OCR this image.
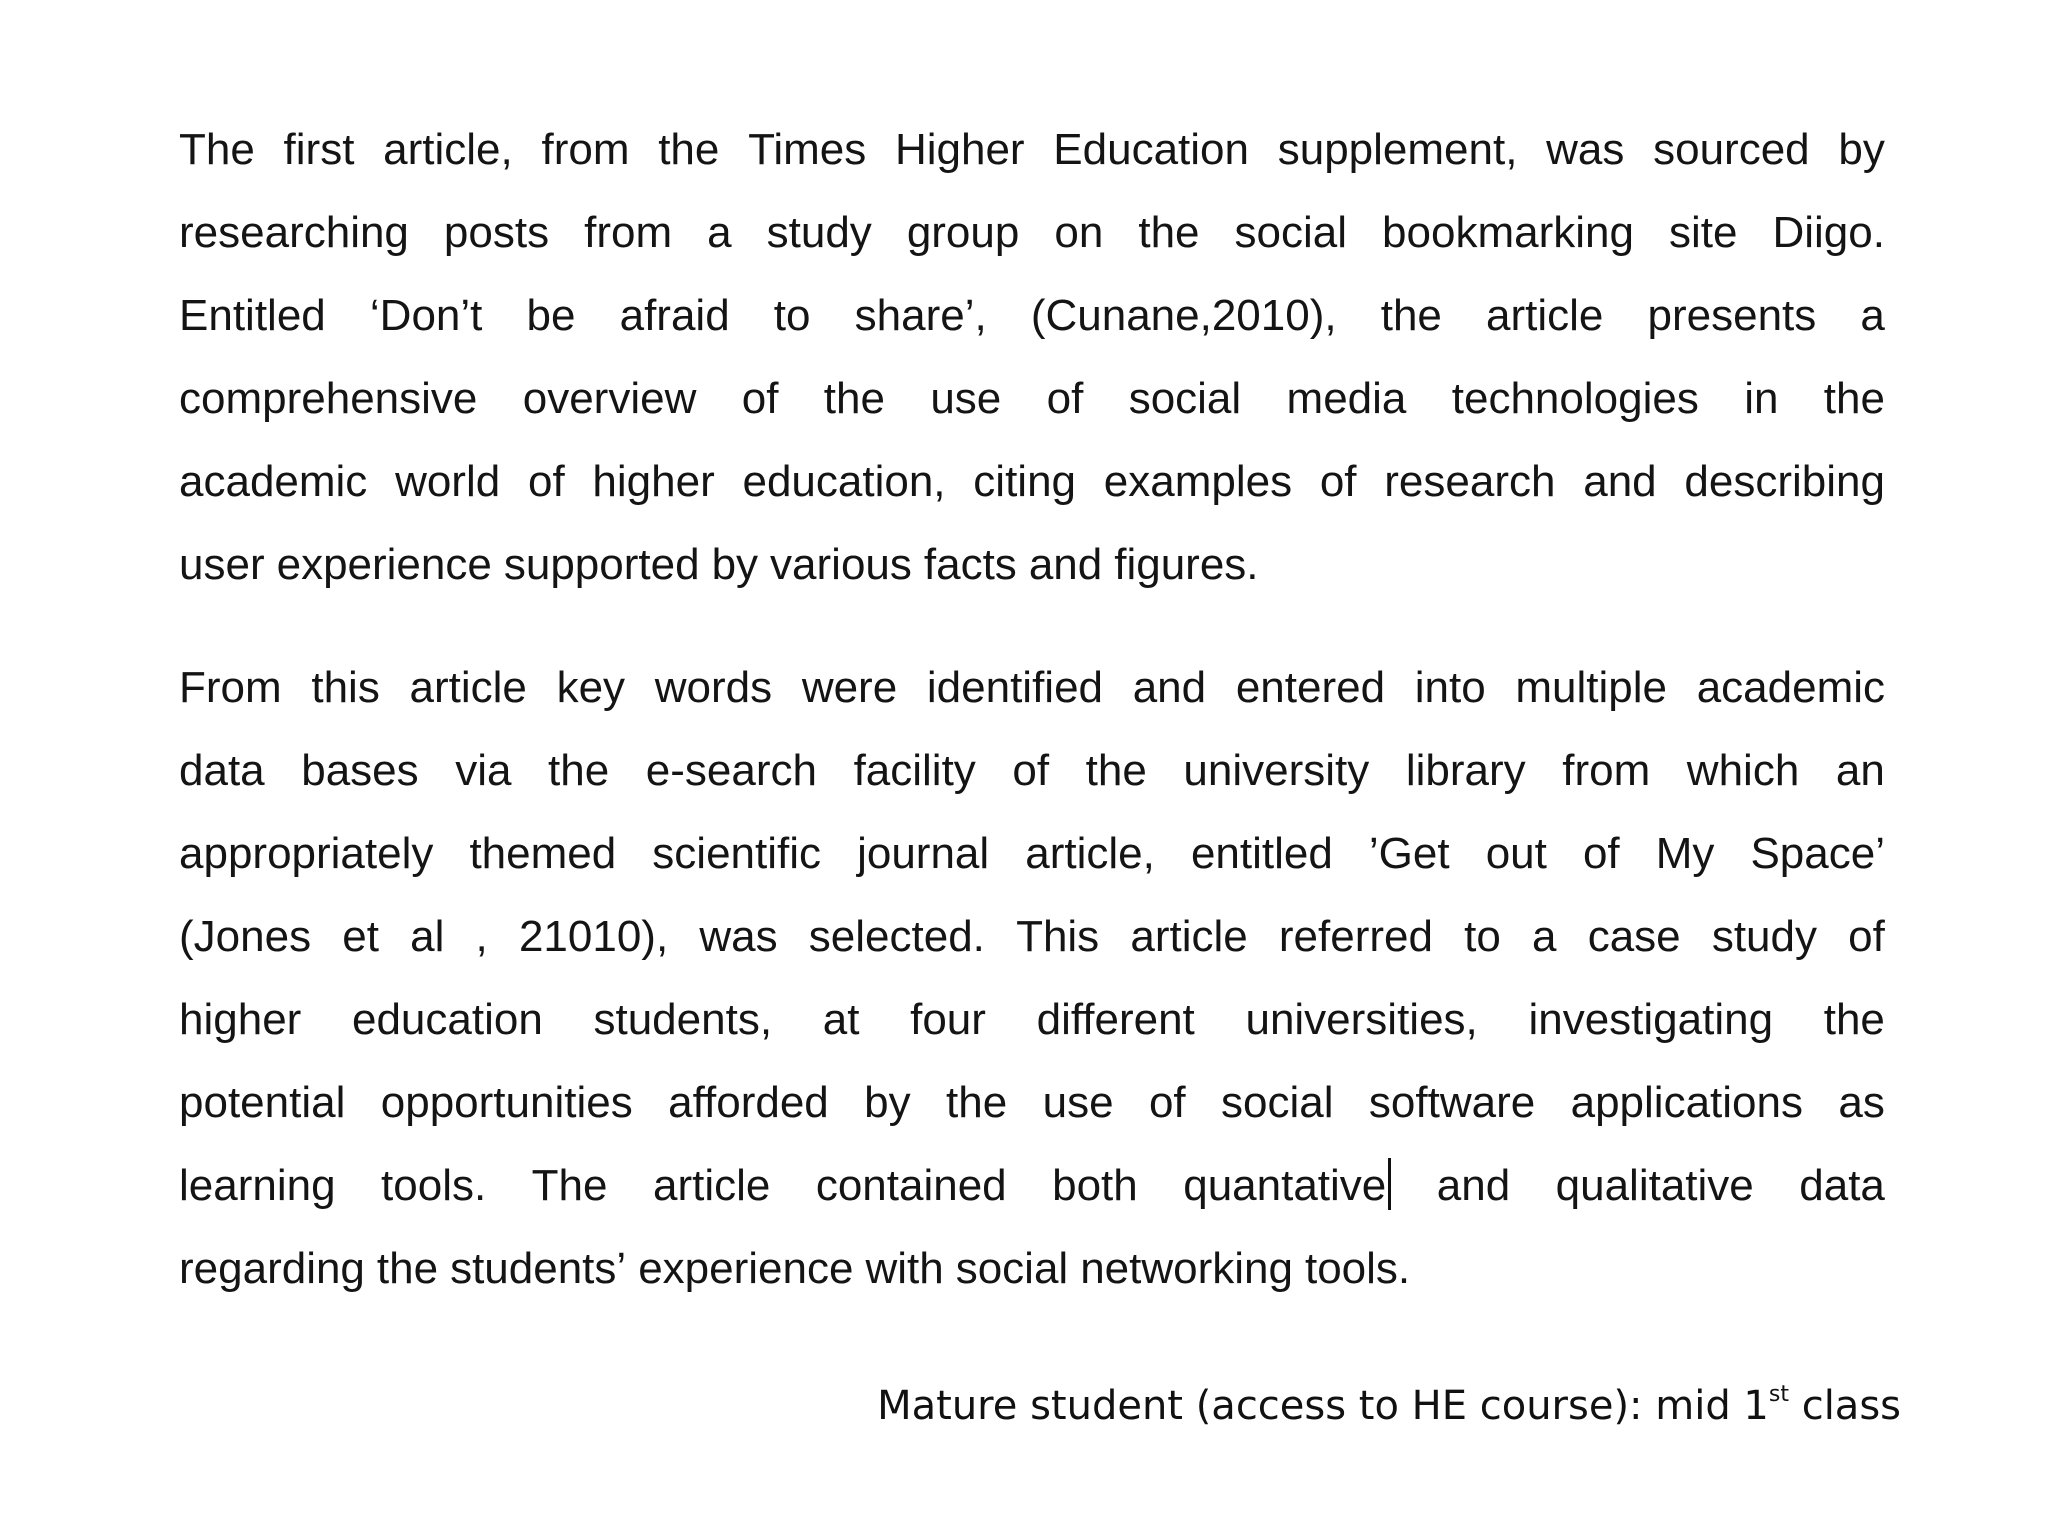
The first article, from the Times Higher Education supplement, was sourced by
researching posts from a study group on the social bookmarking site Diigo.
Entitled ‘Don’t be afraid to share’, (Cunane,2010), the article presents a
comprehensive overview of the use of social media technologies in the
academic world of higher education, citing examples of research and describing
user experience supported by various facts and figures.
From this article key words were identified and entered into multiple academic
data bases via the e-search facility of the university library from which an
appropriately themed scientific journal article, entitled ’Get out of My Space’
(Jones et al , 21010), was selected. This article referred to a case study of
higher education students, at four different universities, investigating the
potential opportunities afforded by the use of social software applications as
learning tools. The article contained both quantative and qualitative data
regarding the students’ experience with social networking tools.
Mature student (access to HE course): mid 1st class
